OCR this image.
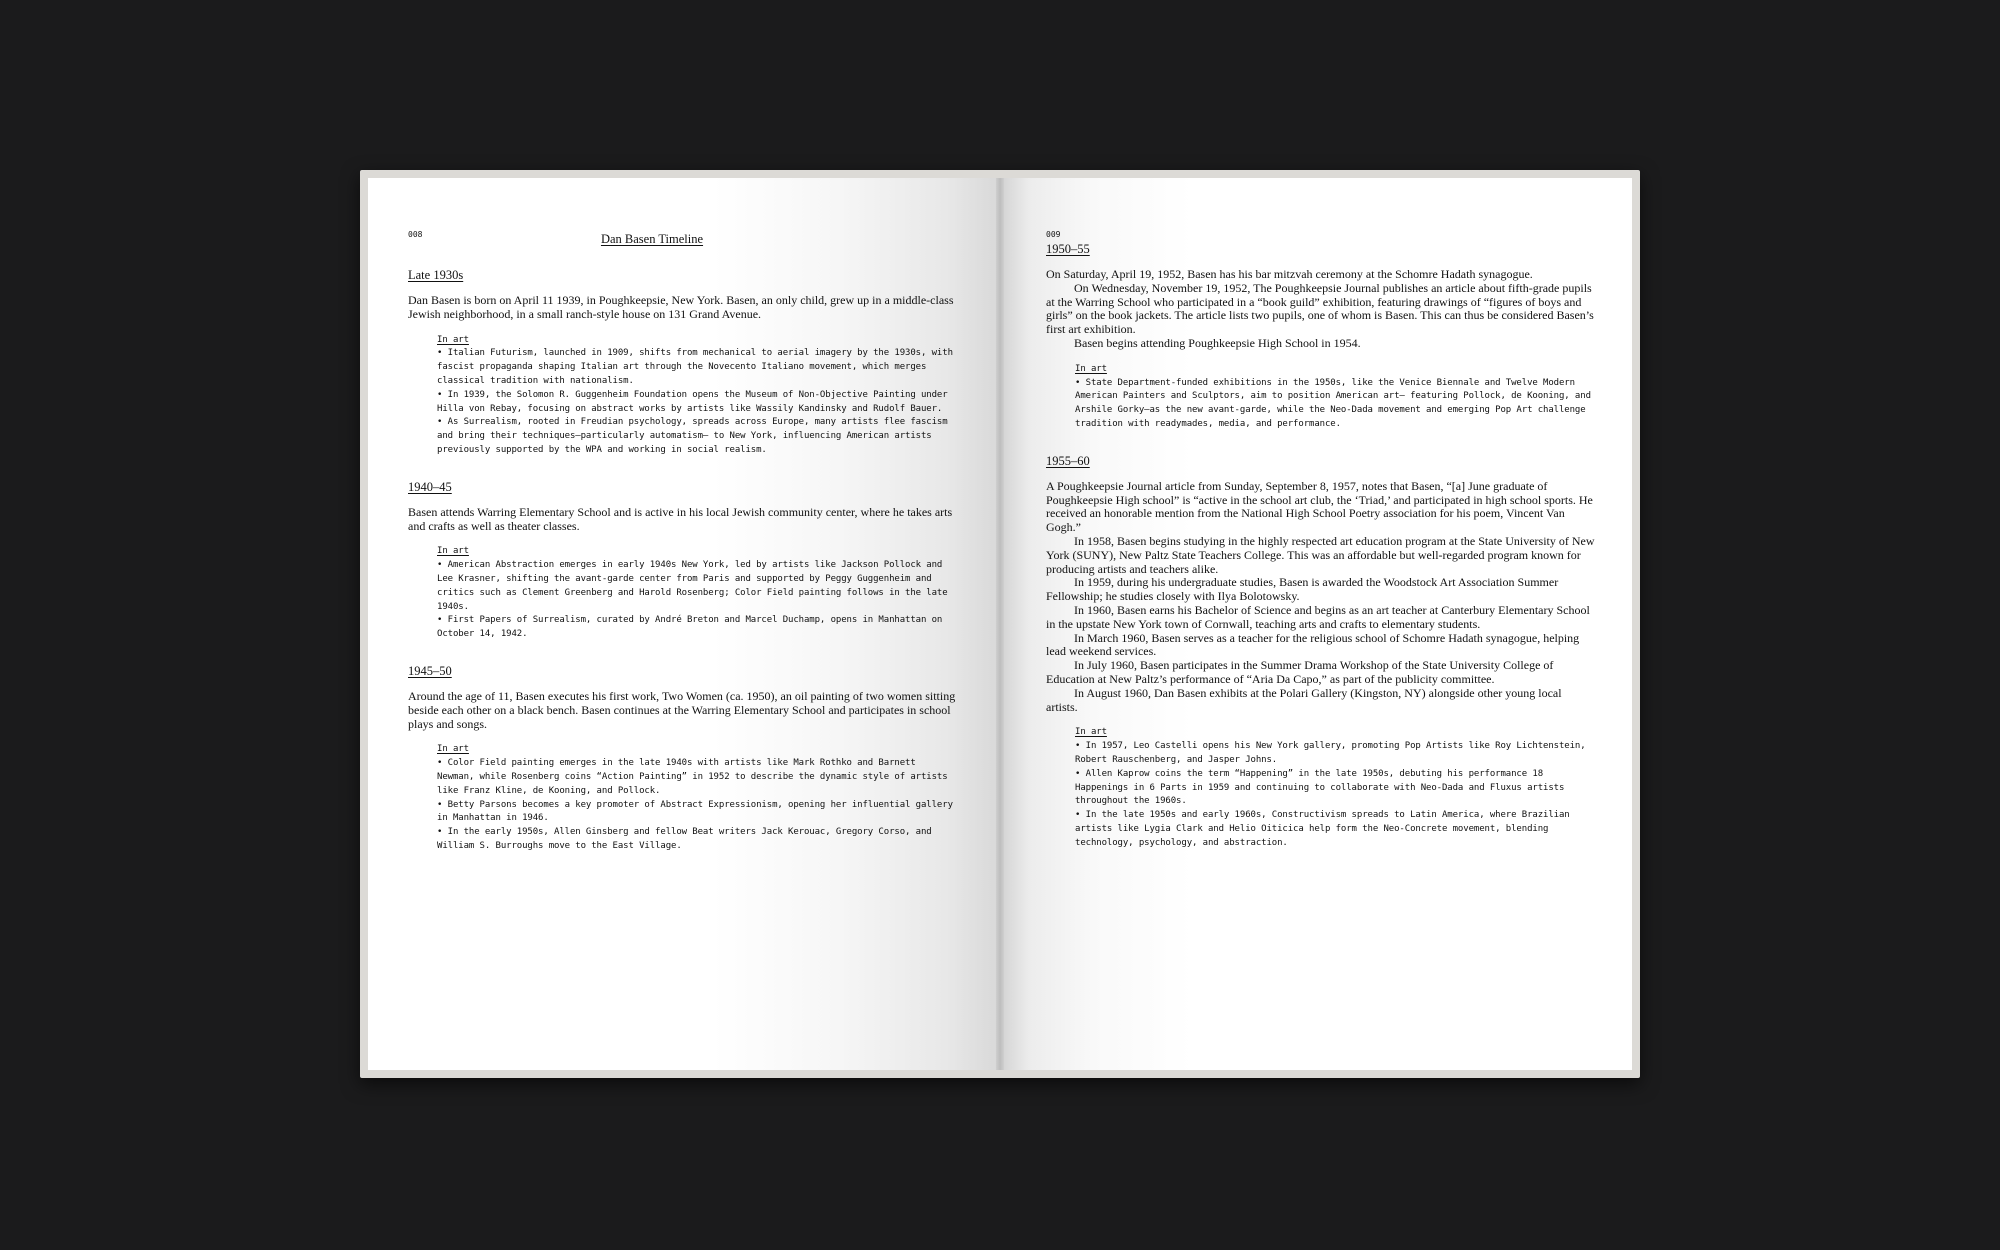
008	Dan Basen Timeline
Late 1930s

Dan Basen is born on April 11 1939, in Poughkeepsie, New York. Basen, an only child, grew up in a middle-class Jewish neighborhood, in a small ranch-style house on 131 Grand Avenue.

In art

• Italian Futurism, launched in 1909, shifts from mechanical to aerial imagery by the 1930s, with fascist propaganda shaping Italian art through the Novecento Italiano movement, which merges classical tradition with nationalism.

• In 1939, the Solomon R. Guggenheim Foundation opens the Museum of Non-Objective Painting under Hilla von Rebay, focusing on abstract works by artists like Wassily Kandinsky and Rudolf Bauer.

• As Surrealism, rooted in Freudian psychology, spreads across Europe, many artists flee fascism and bring their techniques—particularly automatism— to New York, influencing American artists previously supported by the WPA and working in social realism.

1940–45

Basen attends Warring Elementary School and is active in his local Jewish community center, where he takes arts and crafts as well as theater classes.

In art

• American Abstraction emerges in early 1940s New York, led by artists like Jackson Pollock and Lee Krasner, shifting the avant-garde center from Paris and supported by Peggy Guggenheim and critics such as Clement Greenberg and Harold Rosenberg; Color Field painting follows in the late 1940s.

• First Papers of Surrealism, curated by André Breton and Marcel Duchamp, opens in Manhattan on October 14, 1942.

1945–50

Around the age of 11, Basen executes his first work, Two Women (ca. 1950), an oil painting of two women sitting beside each other on a black bench. Basen continues at the Warring Elementary School and participates in school plays and songs.

In art

• Color Field painting emerges in the late 1940s with artists like Mark Rothko and Barnett Newman, while Rosenberg coins “Action Painting” in 1952 to describe the dynamic style of artists like Franz Kline, de Kooning, and Pollock.

• Betty Parsons becomes a key promoter of Abstract Expressionism, opening her influential gallery in Manhattan in 1946.

• In the early 1950s, Allen Ginsberg and fellow Beat writers Jack Kerouac, Gregory Corso, and William S. Burroughs move to the East Village.

009
1950–55

On Saturday, April 19, 1952, Basen has his bar mitzvah ceremony at the Schomre Hadath synagogue.

On Wednesday, November 19, 1952, The Poughkeepsie Journal publishes an article about fifth-grade pupils at the Warring School who participated in a “book guild” exhibition, featuring drawings of “figures of boys and girls” on the book jackets. The article lists two pupils, one of whom is Basen. This can thus be considered Basen’s first art exhibition.

Basen begins attending Poughkeepsie High School in 1954.

In art

• State Department-funded exhibitions in the 1950s, like the Venice Biennale and Twelve Modern American Painters and Sculptors, aim to position American art— featuring Pollock, de Kooning, and Arshile Gorky—as the new avant-garde, while the Neo-Dada movement and emerging Pop Art challenge tradition with readymades, media, and performance.

1955–60

A Poughkeepsie Journal article from Sunday, September 8, 1957, notes that Basen, “[a] June graduate of Poughkeepsie High school” is “active in the school art club, the ‘Triad,’ and participated in high school sports. He received an honorable mention from the National High School Poetry association for his poem, Vincent Van Gogh.”

In 1958, Basen begins studying in the highly respected art education program at the State University of New York (SUNY), New Paltz State Teachers College. This was an affordable but well-regarded program known for producing artists and teachers alike.

In 1959, during his undergraduate studies, Basen is awarded the Woodstock Art Association Summer Fellowship; he studies closely with Ilya Bolotowsky.

In 1960, Basen earns his Bachelor of Science and begins as an art teacher at Canterbury Elementary School in the upstate New York town of Cornwall, teaching arts and crafts to elementary students.

In March 1960, Basen serves as a teacher for the religious school of Schomre Hadath synagogue, helping lead weekend services.

In July 1960, Basen participates in the Summer Drama Workshop of the State University College of Education at New Paltz’s performance of “Aria Da Capo,” as part of the publicity committee.

In August 1960, Dan Basen exhibits at the Polari Gallery (Kingston, NY) alongside other young local artists.

In art

• In 1957, Leo Castelli opens his New York gallery, promoting Pop Artists like Roy Lichtenstein, Robert Rauschenberg, and Jasper Johns.

• Allen Kaprow coins the term “Happening” in the late 1950s, debuting his performance 18 Happenings in 6 Parts in 1959 and continuing to collaborate with Neo-Dada and Fluxus artists throughout the 1960s.

• In the late 1950s and early 1960s, Constructivism spreads to Latin America, where Brazilian artists like Lygia Clark and Helio Oiticica help form the Neo-Concrete movement, blending technology, psychology, and abstraction.
